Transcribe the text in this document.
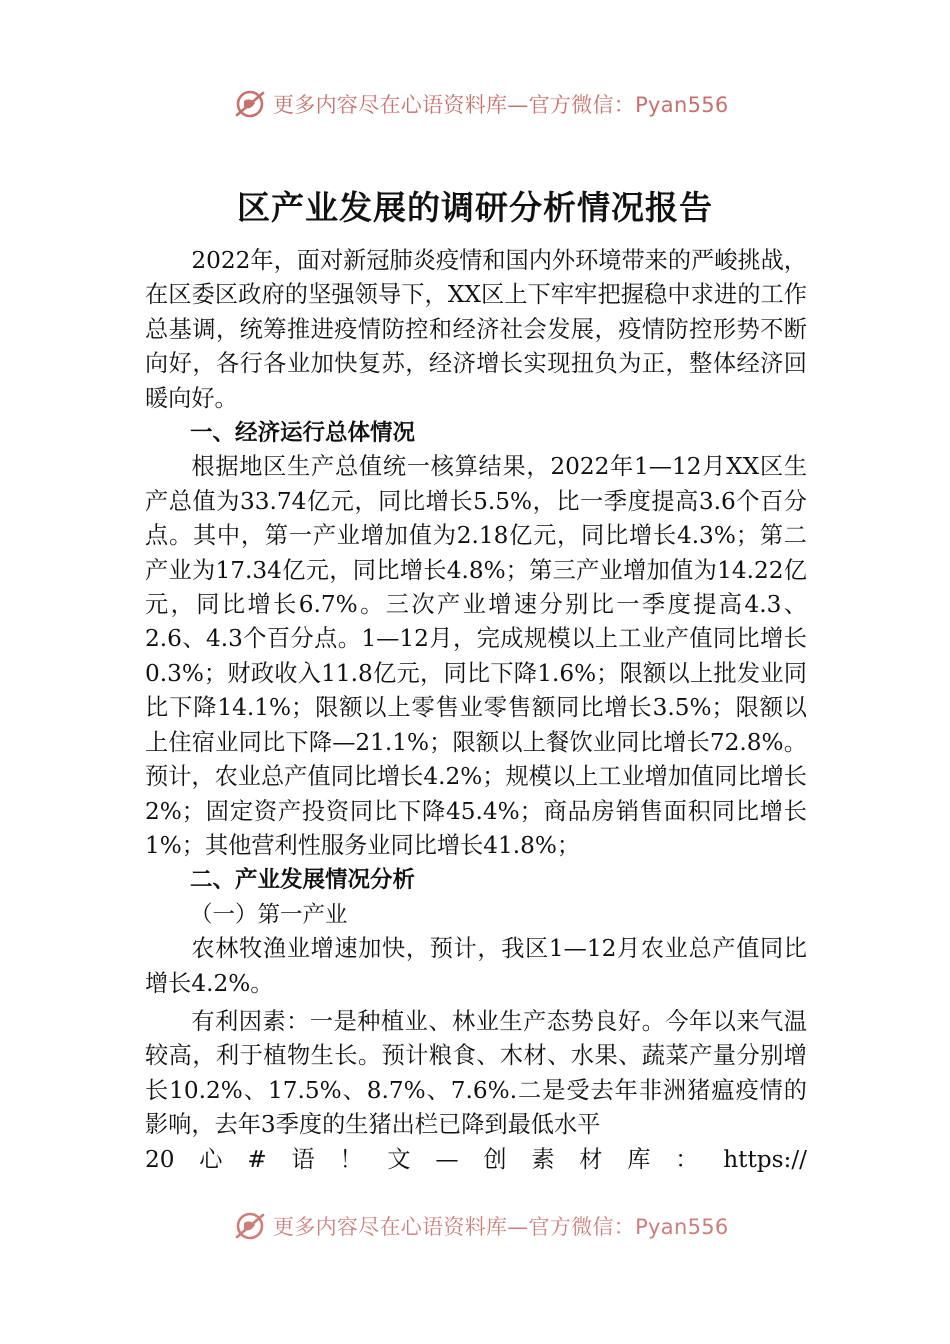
更多内容尽在心语资料库—官方微信：Pyan556
区产业发展的调研分析情况报告

2022年，面对新冠肺炎疫情和国内外环境带来的严峻挑战，在区委区政府的坚强领导下，XX区上下牢牢把握稳中求进的工作总基调，统筹推进疫情防控和经济社会发展，疫情防控形势不断向好，各行各业加快复苏，经济增长实现扭负为正，整体经济回暖向好。

一、经济运行总体情况

根据地区生产总值统一核算结果，2022年1—12月XX区生产总值为33.74亿元，同比增长5.5%，比一季度提高3.6个百分点。其中，第一产业增加值为2.18亿元，同比增长4.3%；第二产业为17.34亿元，同比增长4.8%；第三产业增加值为14.22亿元，同比增长6.7%。三次产业增速分别比一季度提高4.3、2.6、4.3个百分点。1—12月，完成规模以上工业产值同比增长0.3%；财政收入11.8亿元，同比下降1.6%；限额以上批发业同比下降14.1%；限额以上零售业零售额同比增长3.5%；限额以上住宿业同比下降—21.1%；限额以上餐饮业同比增长72.8%。预计，农业总产值同比增长4.2%；规模以上工业增加值同比增长2%；固定资产投资同比下降45.4%；商品房销售面积同比增长1%；其他营利性服务业同比增长41.8%；

二、产业发展情况分析

（一）第一产业

农林牧渔业增速加快，预计，我区1—12月农业总产值同比增长4.2%。

有利因素：一是种植业、林业生产态势良好。今年以来气温较高，利于植物生长。预计粮食、木材、水果、蔬菜产量分别增长10.2%、17.5%、8.7%、7.6%.二是受去年非洲猪瘟疫情的影响，去年3季度的生猪出栏已降到最低水平

20 心 # 语 ！ 文 — 创 素 材 库 ： https://

更多内容尽在心语资料库—官方微信：Pyan556
